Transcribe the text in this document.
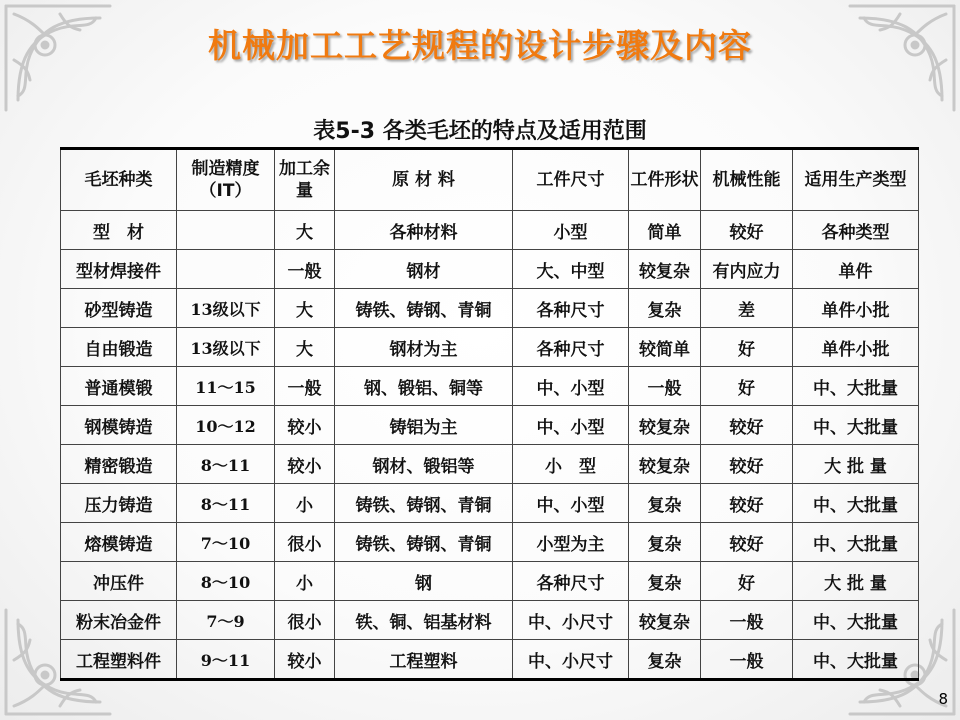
机械加工工艺规程的设计步骤及内容
表5-3 各类毛坯的特点及适用范围
毛坯种类	制造精度（IT）	加工余量	原 材 料	工件尺寸	工件形状	机械性能	适用生产类型
型　材		大	各种材料	小型	简单	较好	各种类型
型材焊接件		一般	钢材	大、中型	较复杂	有内应力	单件
砂型铸造	13级以下	大	铸铁、铸钢、青铜	各种尺寸	复杂	差	单件小批
自由锻造	13级以下	大	钢材为主	各种尺寸	较简单	好	单件小批
普通模锻	11～15	一般	钢、锻铝、铜等	中、小型	一般	好	中、大批量
钢模铸造	10～12	较小	铸铝为主	中、小型	较复杂	较好	中、大批量
精密锻造	8～11	较小	钢材、锻铝等	小　型	较复杂	较好	大 批 量
压力铸造	8～11	小	铸铁、铸钢、青铜	中、小型	复杂	较好	中、大批量
熔模铸造	7～10	很小	铸铁、铸钢、青铜	小型为主	复杂	较好	中、大批量
冲压件	8～10	小	钢	各种尺寸	复杂	好	大 批 量
粉末冶金件	7～9	很小	铁、铜、铝基材料	中、小尺寸	较复杂	一般	中、大批量
工程塑料件	9～11	较小	工程塑料	中、小尺寸	复杂	一般	中、大批量
8
